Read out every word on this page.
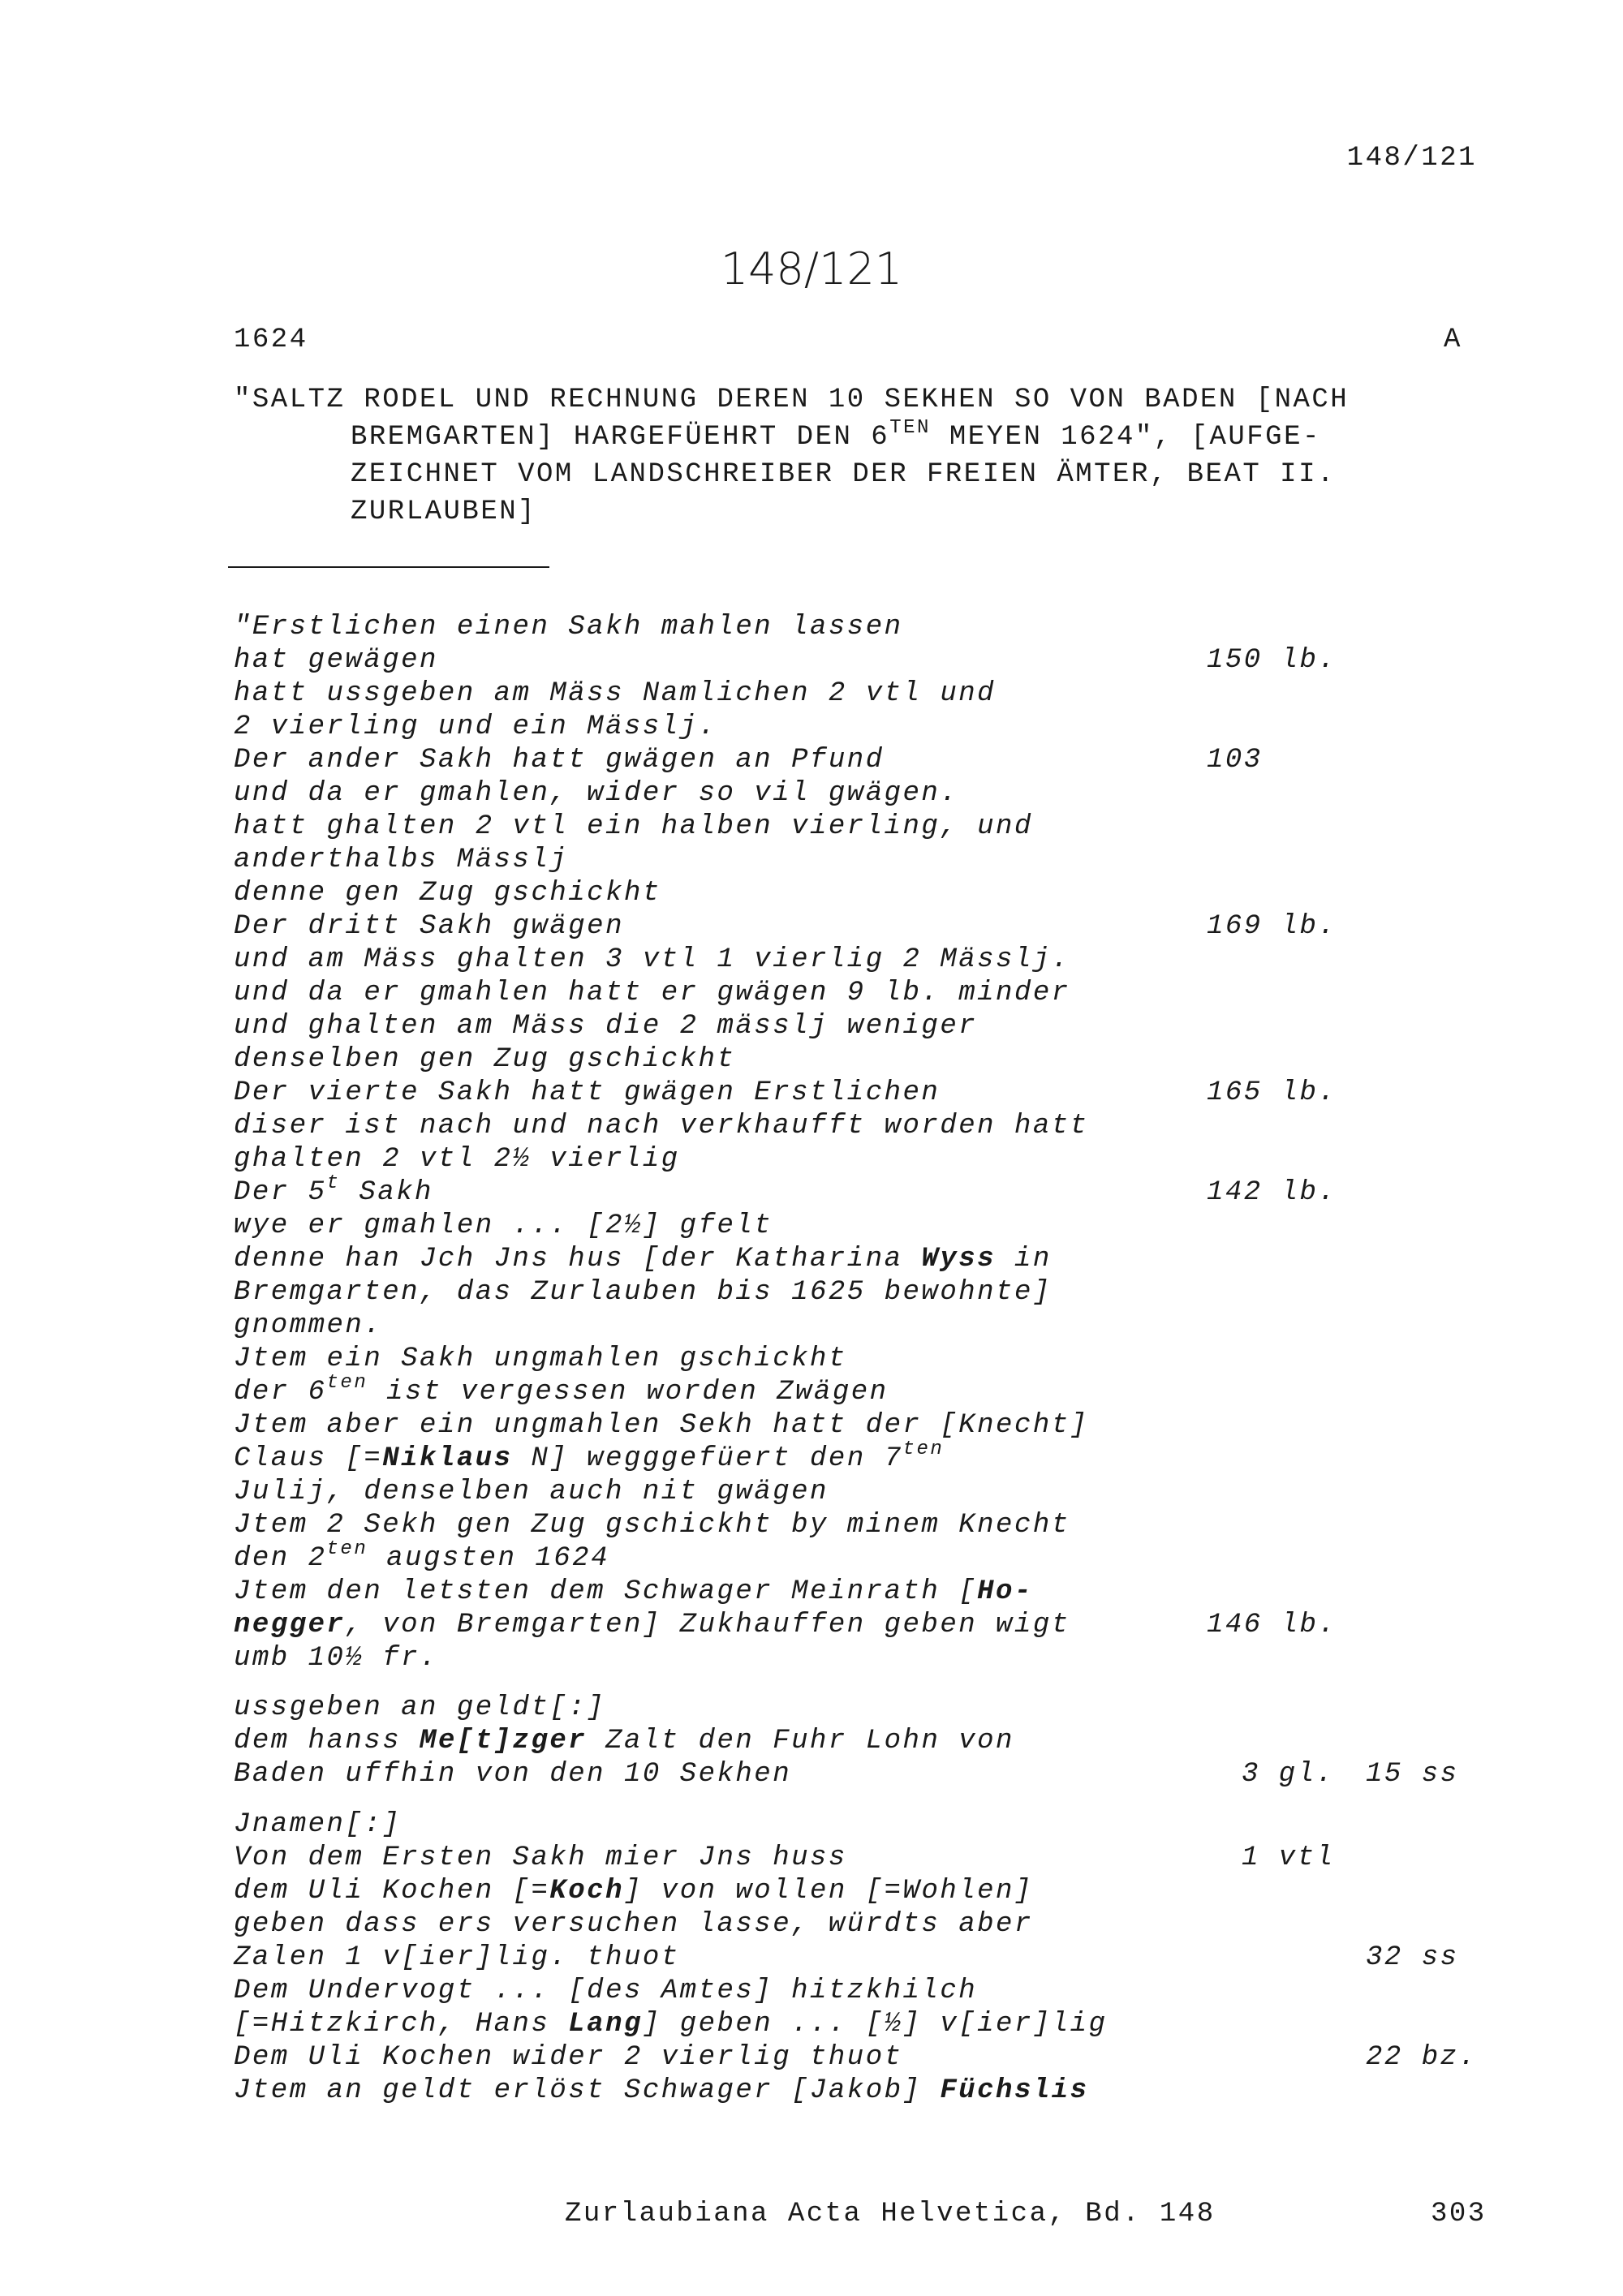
148/121
148/121
1624	A
"SALTZ RODEL UND RECHNUNG DEREN 10 SEKHEN SO VON BADEN [NACH
BREMGARTEN] HARGEFÜEHRT DEN $6^{TEN}$ MEYEN 1624", [AUFGE-
ZEICHNET VOM LANDSCHREIBER DER FREIEN ÄMTER, BEAT II.
ZURLAUBEN]
"Erstlichen einen Sakh mahlen lassen
hat gewägen
hatt ussgeben am Mäss Namlichen 2 vtl und
2 vierling und ein Mässlj.
Der ander Sakh hatt gwägen an Pfund
und da er gmahlen, wider so vil gwägen.
hatt ghalten 2 vtl ein halben vierling, und
anderthalbs Mässlj
denne gen Zug gschickht
Der dritt Sakh gwägen
und am Mäss ghalten 3 vtl 1 vierlig 2 Mässlj.
und da er gmahlen hatt er gwägen 9 lb. minder
und ghalten am Mäss die 2 mässlj weniger
denselben gen Zug gschickht
Der vierte Sakh hatt gwägen Erstlichen
diser ist nach und nach verkhaufft worden hatt
ghalten 2 vtl 2½ vierlig
Der 5$^t$ Sakh
wye er gmahlen ... [2½] gfelt
denne han Jch Jns hus [der Katharina Wyss in
Bremgarten, das Zurlauben bis 1625 bewohnte]
gnommen.
Jtem ein Sakh ungmahlen gschickht
der $6^{ten}$ ist vergessen worden Zwägen
Jtem aber ein ungmahlen Sekh hatt der [Knecht]
Claus [=Niklaus N] wegggefüert den $7^{ten}$
Julij, denselben auch nit gwägen
Jtem 2 Sekh gen Zug gschickht by minem Knecht
den $2^{ten}$ augsten 1624
Jtem den letsten dem Schwager Meinrath [Ho-
negger, von Bremgarten] Zukhauffen geben wigt
umb 10½ fr.
ussgeben an geldt[:]
dem hanss Me[t]zger Zalt den Fuhr Lohn von
Baden uffhin von den 10 Sekhen
Jnamen[:]
Von dem Ersten Sakh mier Jns huss
dem Uli Kochen [=Koch] von wollen [=Wohlen]
geben dass ers versuchen lasse, würdts aber
Zalen 1 v[ier]lig. thuot
Dem Undervogt ... [des Amtes] hitzkhilch
[=Hitzkirch, Hans Lang] geben ... [½] v[ier]lig
Dem Uli Kochen wider 2 vierlig thuot
Jtem an geldt erlöst Schwager [Jakob] Füchslis
150 lb.
103
169 lb.
165 lb.
142 lb.
146 lb.
3 gl. 15 ss
1 vtl
32 ss
22 bz.
Zurlaubiana Acta Helvetica, Bd. 148	303
